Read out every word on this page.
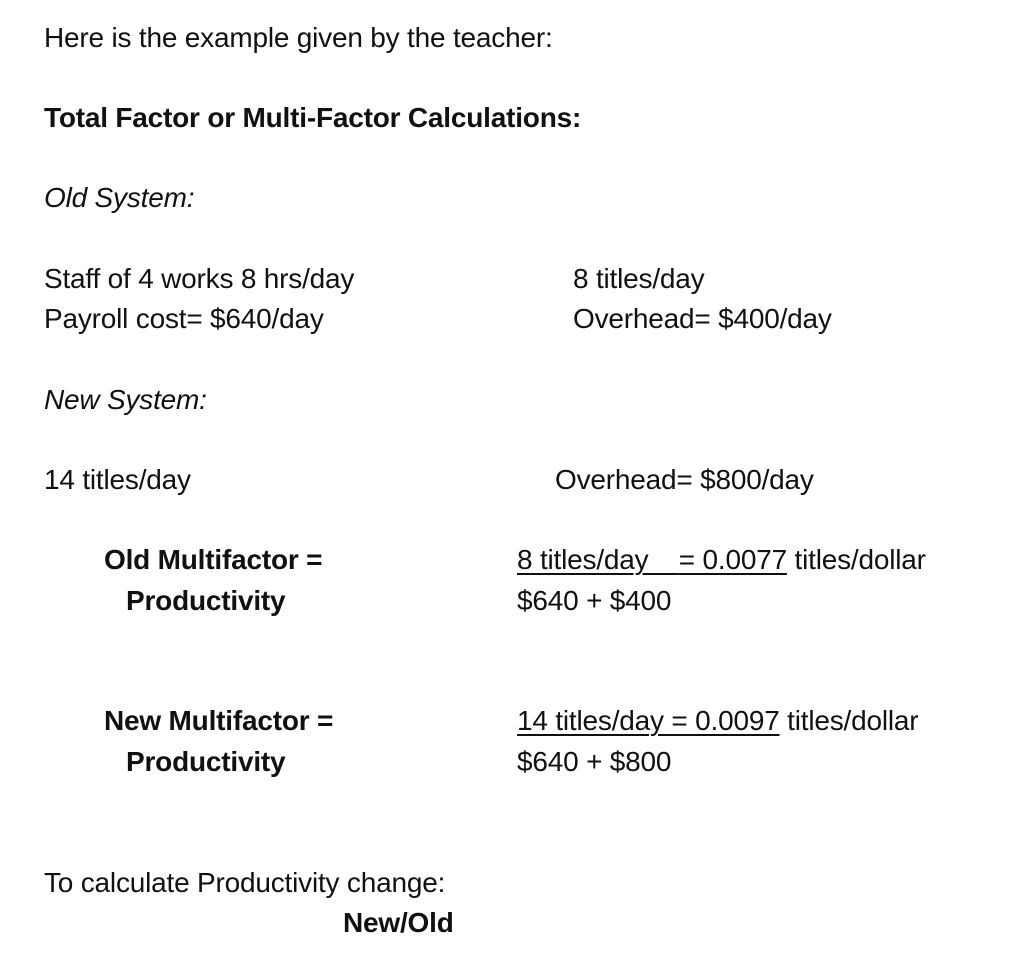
Here is the example given by the teacher:
Total Factor or Multi-Factor Calculations:
Old System:
Staff of 4 works 8 hrs/day
Payroll cost= $640/day
8 titles/day
Overhead= $400/day
New System:
14 titles/day	Overhead= $800/day
Old Multifactor =
Productivity
8 titles/day    = 0.0077 titles/dollar
$640 + $400
New Multifactor =
Productivity
14 titles/day = 0.0097 titles/dollar
$640 + $800
To calculate Productivity change:
New/Old
